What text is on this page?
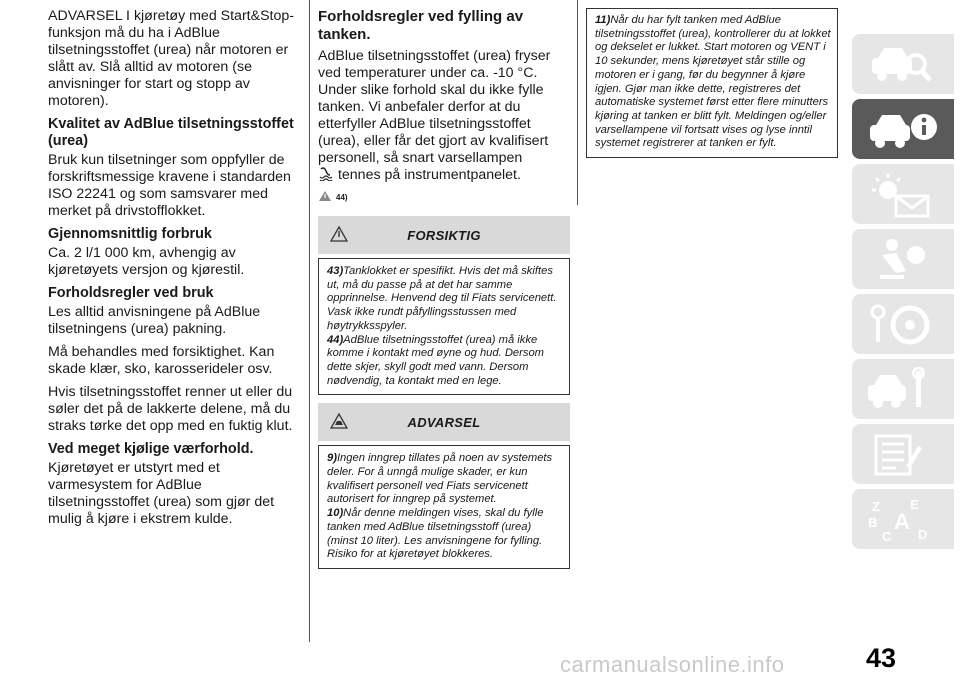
ADVARSEL I kjøretøy med Start&Stop-funksjon må du ha i AdBlue tilsetningsstoffet (urea) når motoren er slått av. Slå alltid av motoren (se anvisninger for start og stopp av motoren).

Kvalitet av AdBlue tilsetningsstoffet (urea)

Bruk kun tilsetninger som oppfyller de forskriftsmessige kravene i standarden ISO 22241 og som samsvarer med merket på drivstofflokket.

Gjennomsnittlig forbruk

Ca. 2 l/1 000 km, avhengig av kjøretøyets versjon og kjørestil.

Forholdsregler ved bruk

Les alltid anvisningene på AdBlue tilsetningens (urea) pakning.

Må behandles med forsiktighet. Kan skade klær, sko, karosserideler osv.

Hvis tilsetningsstoffet renner ut eller du søler det på de lakkerte delene, må du straks tørke det opp med en fuktig klut.

Ved meget kjølige værforhold.

Kjøretøyet er utstyrt med et varmesystem for AdBlue tilsetningsstoffet (urea) som gjør det mulig å kjøre i ekstrem kulde.

Forholdsregler ved fylling av tanken.

AdBlue tilsetningsstoffet (urea) fryser ved temperaturer under ca. -10 °C. Under slike forhold skal du ikke fylle tanken. Vi anbefaler derfor at du etterfyller AdBlue tilsetningsstoffet (urea), eller får det gjort av kvalifisert personell, så snart varsellampen

tennes på instrumentpanelet.

44)
FORSIKTIG

43)Tanklokket er spesifikt. Hvis det må skiftes ut, må du passe på at det har samme opprinnelse. Henvend deg til Fiats servicenett. Vask ikke rundt påfyllingsstussen med høytrykksspyler.

44)AdBlue tilsetningsstoffet (urea) må ikke komme i kontakt med øyne og hud. Dersom dette skjer, skyll godt med vann. Dersom nødvendig, ta kontakt med en lege.

ADVARSEL

9)Ingen inngrep tillates på noen av systemets deler. For å unngå mulige skader, er kun kvalifisert personell ved Fiats servicenett autorisert for inngrep på systemet.

10)Når denne meldingen vises, skal du fylle tanken med AdBlue tilsetningsstoff (urea) (minst 10 liter). Les anvisningene for fylling. Risiko for at kjøretøyet blokkeres.

11)Når du har fylt tanken med AdBlue tilsetningsstoffet (urea), kontrollerer du at lokket og dekselet er lukket. Start motoren og VENT i 10 sekunder, mens kjøretøyet står stille og motoren er i gang, før du begynner å kjøre igjen. Gjør man ikke dette, registreres det automatiske systemet først etter flere minutters kjøring at tanken er blitt fylt. Meldingen og/eller varsellampene vil fortsatt vises og lyse inntil systemet registrerer at tanken er fylt.

Z E
B A
C D
carmanualsonline.info	43
